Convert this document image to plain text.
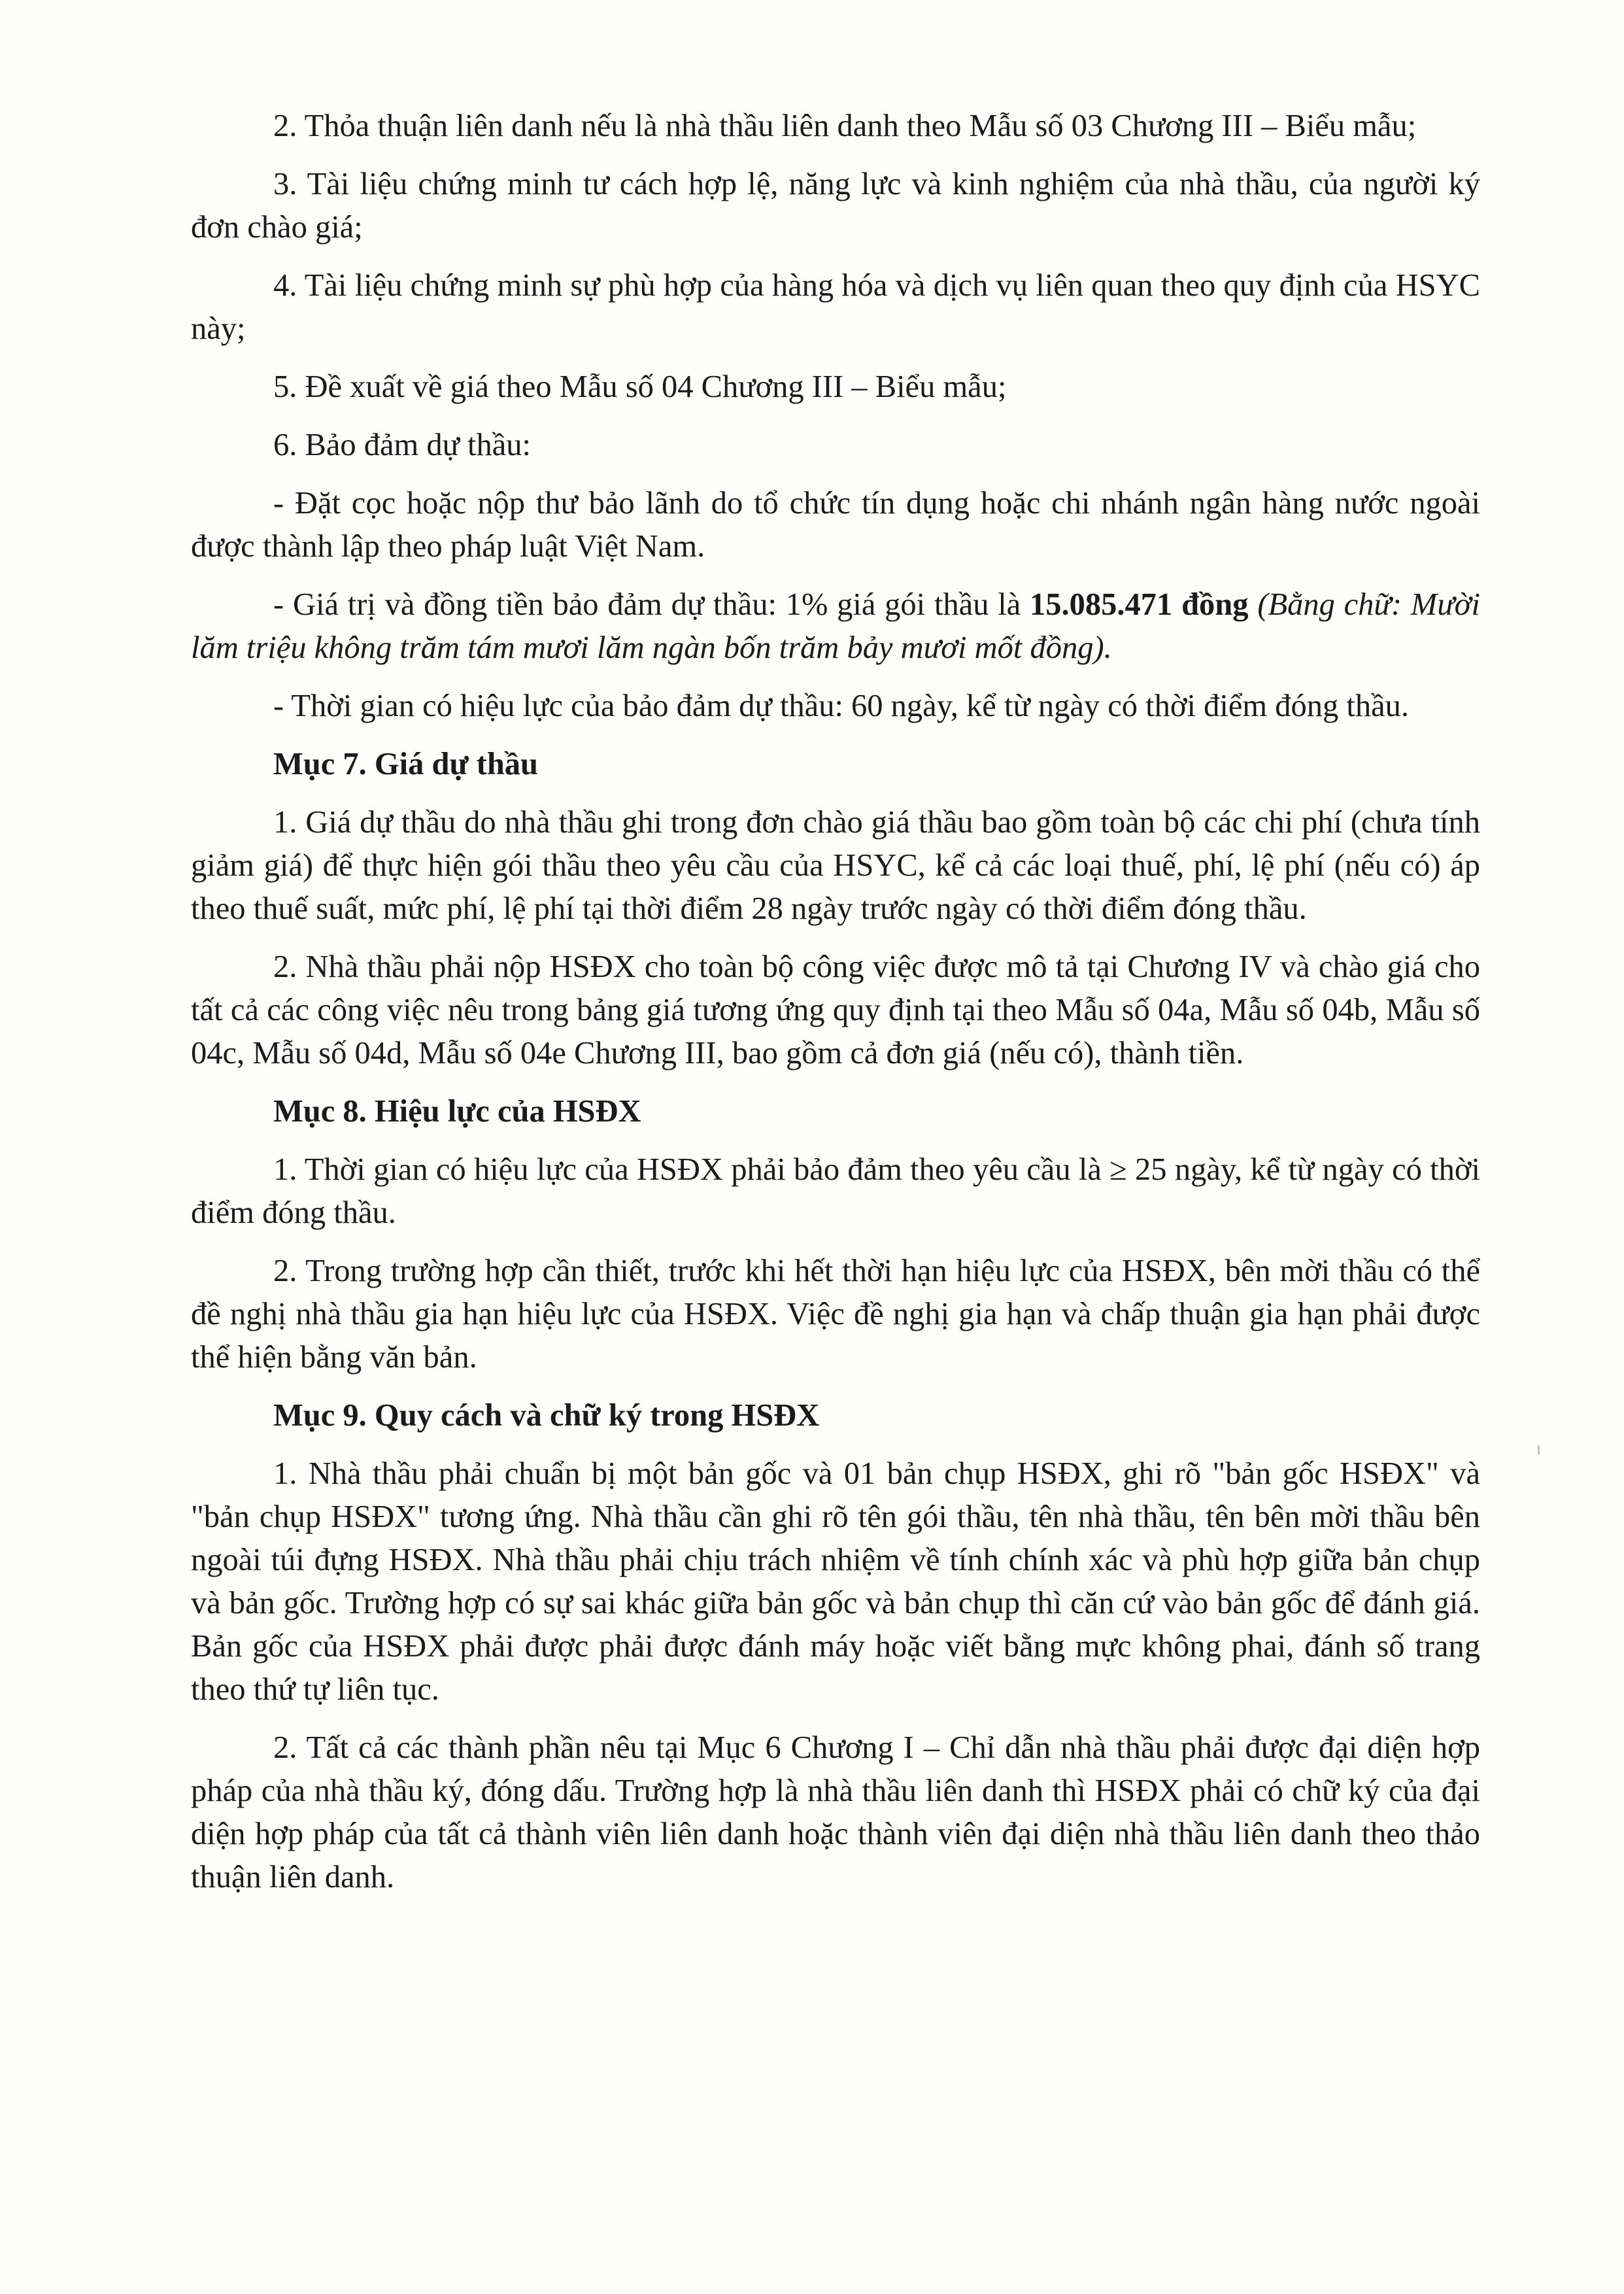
2. Thỏa thuận liên danh nếu là nhà thầu liên danh theo Mẫu số 03 Chương III – Biểu mẫu;

3. Tài liệu chứng minh tư cách hợp lệ, năng lực và kinh nghiệm của nhà thầu, của người ký đơn chào giá;

4. Tài liệu chứng minh sự phù hợp của hàng hóa và dịch vụ liên quan theo quy định của HSYC này;

5. Đề xuất về giá theo Mẫu số 04 Chương III – Biểu mẫu;

6. Bảo đảm dự thầu:

- Đặt cọc hoặc nộp thư bảo lãnh do tổ chức tín dụng hoặc chi nhánh ngân hàng nước ngoài được thành lập theo pháp luật Việt Nam.

- Giá trị và đồng tiền bảo đảm dự thầu: 1% giá gói thầu là 15.085.471 đồng (Bằng chữ: Mười lăm triệu không trăm tám mươi lăm ngàn bốn trăm bảy mươi mốt đồng).

- Thời gian có hiệu lực của bảo đảm dự thầu: 60 ngày, kể từ ngày có thời điểm đóng thầu.

Mục 7. Giá dự thầu

1. Giá dự thầu do nhà thầu ghi trong đơn chào giá thầu bao gồm toàn bộ các chi phí (chưa tính giảm giá) để thực hiện gói thầu theo yêu cầu của HSYC, kể cả các loại thuế, phí, lệ phí (nếu có) áp theo thuế suất, mức phí, lệ phí tại thời điểm 28 ngày trước ngày có thời điểm đóng thầu.

2. Nhà thầu phải nộp HSĐX cho toàn bộ công việc được mô tả tại Chương IV và chào giá cho tất cả các công việc nêu trong bảng giá tương ứng quy định tại theo Mẫu số 04a, Mẫu số 04b, Mẫu số 04c, Mẫu số 04d, Mẫu số 04e Chương III, bao gồm cả đơn giá (nếu có), thành tiền.

Mục 8. Hiệu lực của HSĐX

1. Thời gian có hiệu lực của HSĐX phải bảo đảm theo yêu cầu là ≥ 25 ngày, kể từ ngày có thời điểm đóng thầu.

2. Trong trường hợp cần thiết, trước khi hết thời hạn hiệu lực của HSĐX, bên mời thầu có thể đề nghị nhà thầu gia hạn hiệu lực của HSĐX. Việc đề nghị gia hạn và chấp thuận gia hạn phải được thể hiện bằng văn bản.

Mục 9. Quy cách và chữ ký trong HSĐX

1. Nhà thầu phải chuẩn bị một bản gốc và 01 bản chụp HSĐX, ghi rõ "bản gốc HSĐX" và "bản chụp HSĐX" tương ứng. Nhà thầu cần ghi rõ tên gói thầu, tên nhà thầu, tên bên mời thầu bên ngoài túi đựng HSĐX. Nhà thầu phải chịu trách nhiệm về tính chính xác và phù hợp giữa bản chụp và bản gốc. Trường hợp có sự sai khác giữa bản gốc và bản chụp thì căn cứ vào bản gốc để đánh giá. Bản gốc của HSĐX phải được phải được đánh máy hoặc viết bằng mực không phai, đánh số trang theo thứ tự liên tục.

2. Tất cả các thành phần nêu tại Mục 6 Chương I – Chỉ dẫn nhà thầu phải được đại diện hợp pháp của nhà thầu ký, đóng dấu. Trường hợp là nhà thầu liên danh thì HSĐX phải có chữ ký của đại diện hợp pháp của tất cả thành viên liên danh hoặc thành viên đại diện nhà thầu liên danh theo thảo thuận liên danh.
